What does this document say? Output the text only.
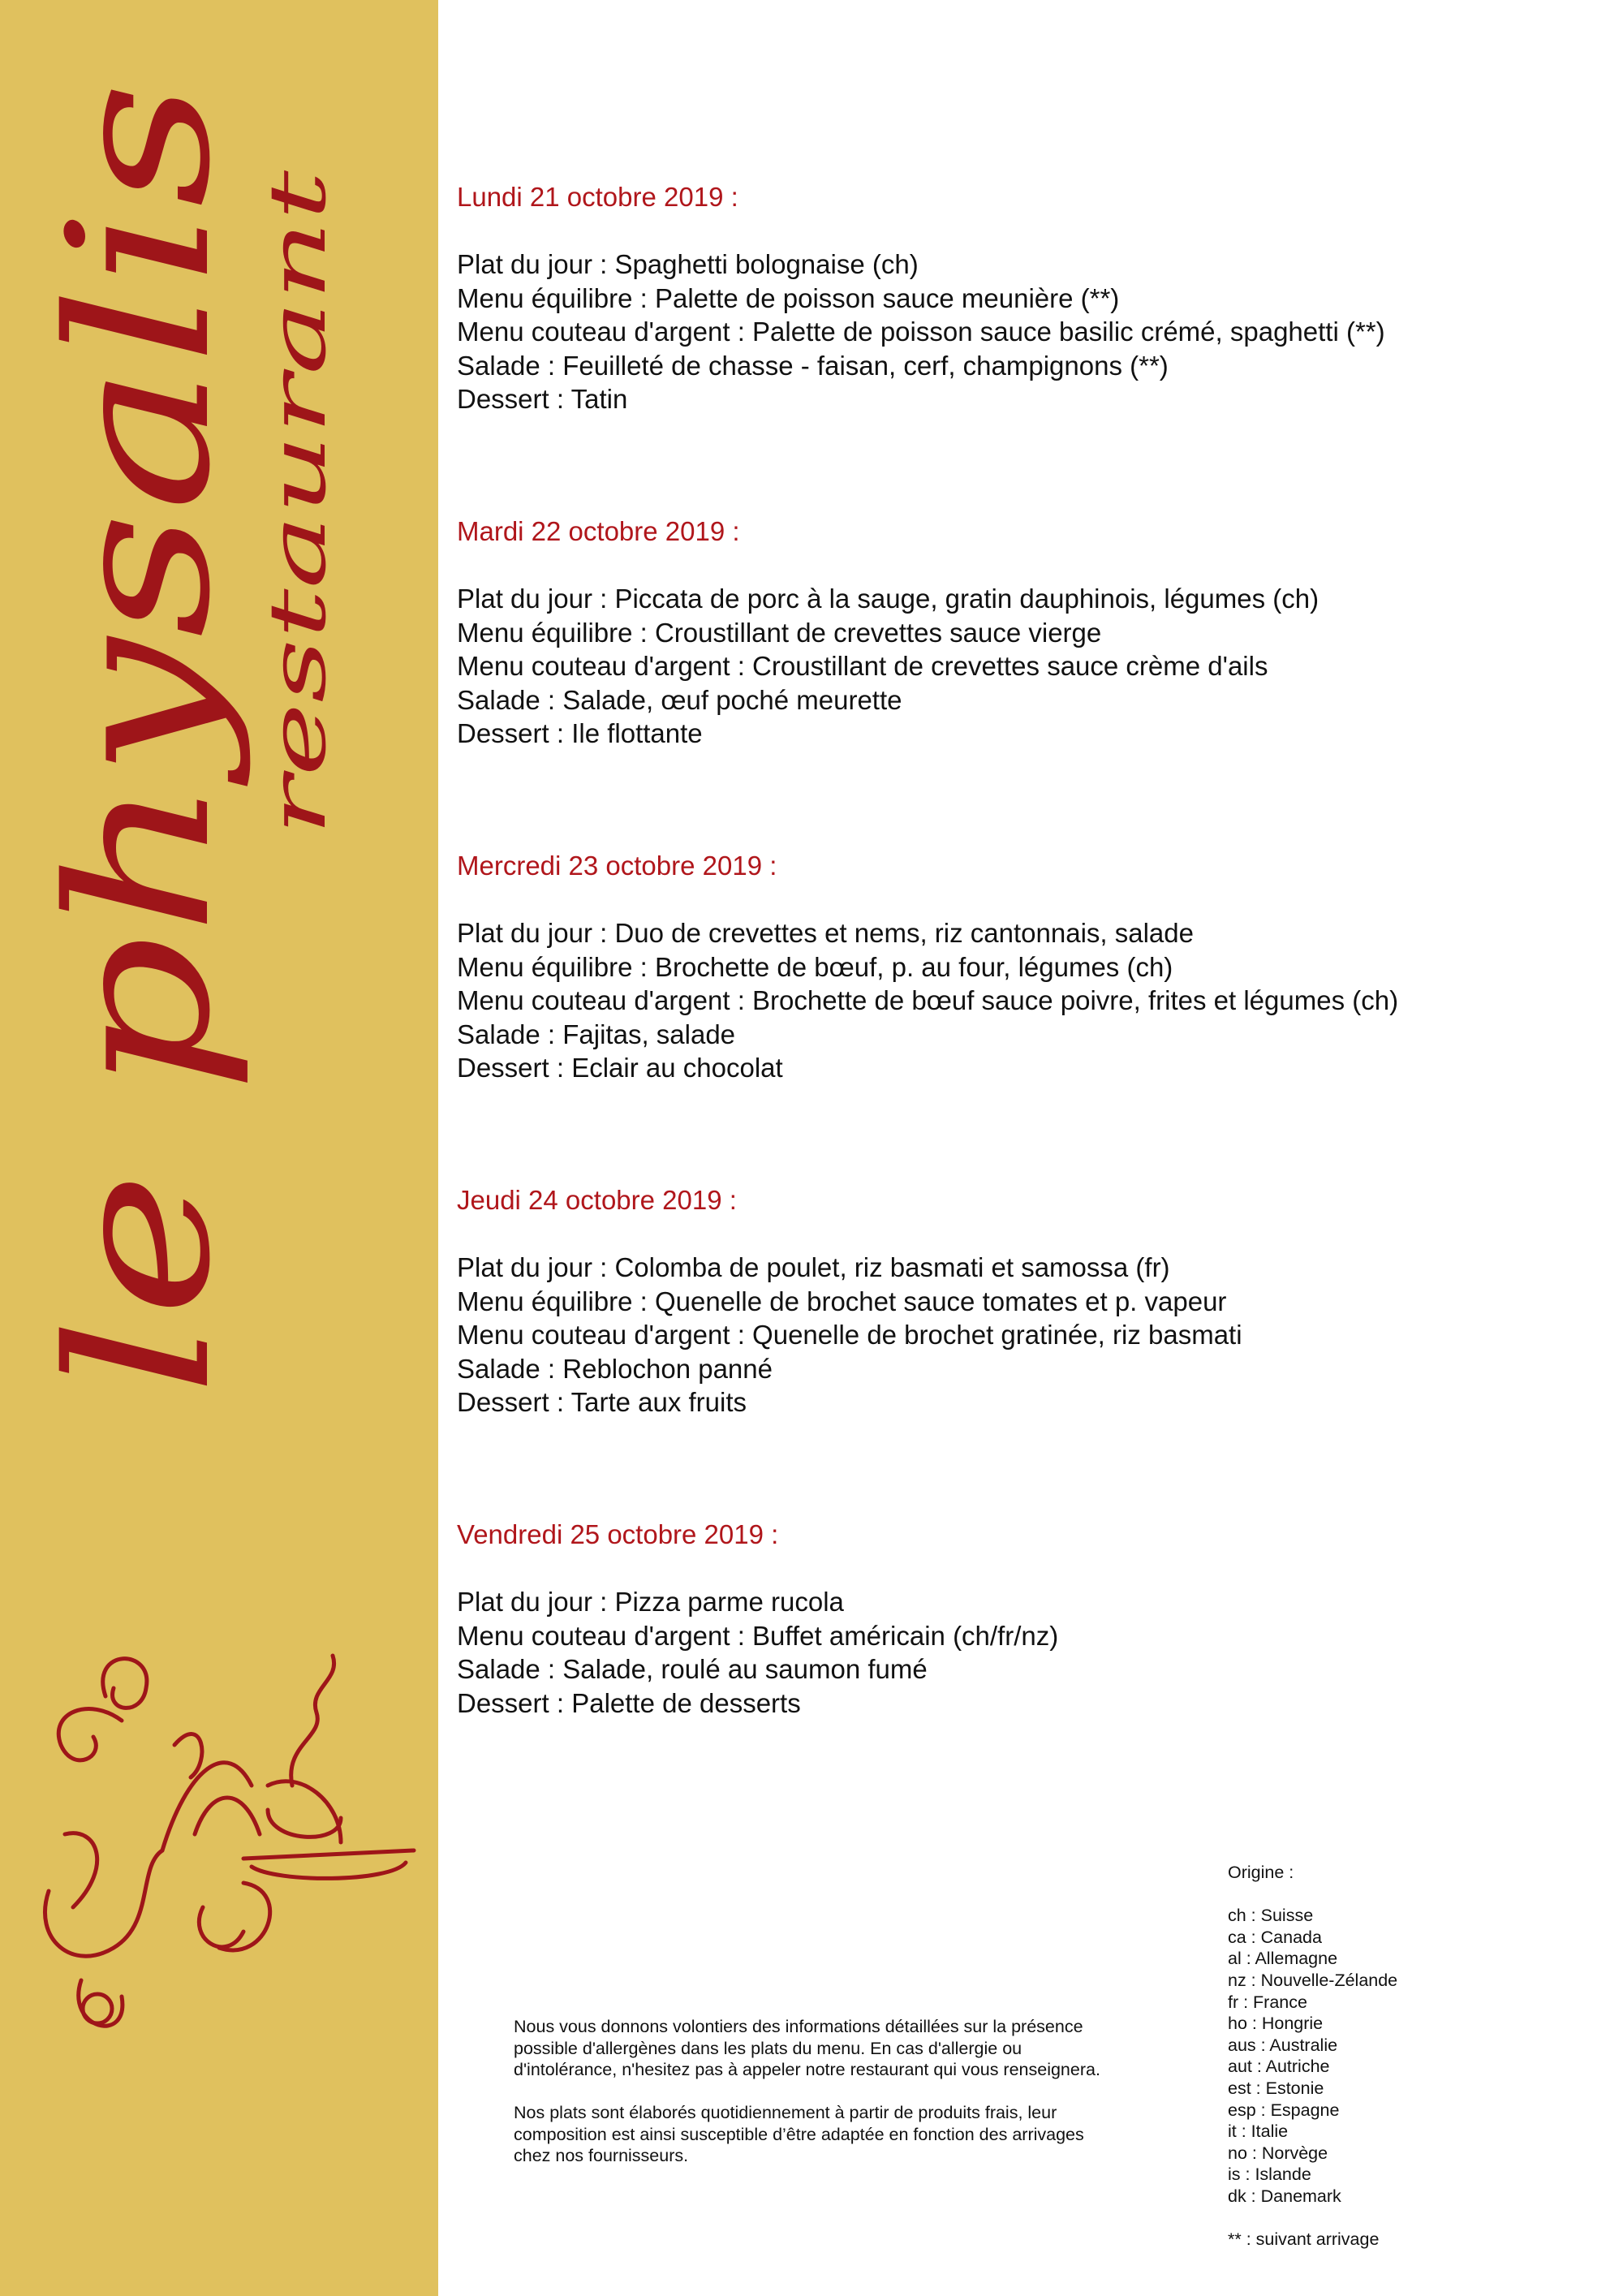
le physalis restaurant
Lundi 21 octobre 2019 :
Plat du jour : Spaghetti bolognaise (ch)
Menu équilibre : Palette de poisson sauce meunière (**)
Menu couteau d'argent : Palette de poisson sauce basilic crémé, spaghetti (**)
Salade : Feuilleté de chasse - faisan, cerf, champignons (**)
Dessert : Tatin
Mardi 22 octobre 2019 :
Plat du jour : Piccata de porc à la sauge, gratin dauphinois, légumes (ch)
Menu équilibre : Croustillant de crevettes sauce vierge
Menu couteau d'argent : Croustillant de crevettes sauce crème d'ails
Salade : Salade, œuf poché meurette
Dessert : Ile flottante
Mercredi 23 octobre 2019 :
Plat du jour : Duo de crevettes et nems, riz cantonnais, salade
Menu équilibre : Brochette de bœuf, p. au four, légumes (ch)
Menu couteau d'argent : Brochette de bœuf sauce poivre, frites et légumes (ch)
Salade : Fajitas, salade
Dessert : Eclair au chocolat
Jeudi 24 octobre 2019 :
Plat du jour : Colomba de poulet, riz basmati et samossa (fr)
Menu équilibre : Quenelle de brochet sauce tomates et p. vapeur
Menu couteau d'argent : Quenelle de brochet gratinée, riz basmati
Salade : Reblochon panné
Dessert : Tarte aux fruits
Vendredi 25 octobre 2019 :
Plat du jour : Pizza parme rucola
Menu couteau d'argent : Buffet américain (ch/fr/nz)
Salade : Salade, roulé au saumon fumé
Dessert : Palette de desserts

Nous vous donnons volontiers des informations détaillées sur la présence possible d'allergènes dans les plats du menu. En cas d'allergie ou d'intolérance, n'hesitez pas à appeler notre restaurant qui vous renseignera.

Nos plats sont élaborés quotidiennement à partir de produits frais, leur composition est ainsi susceptible d’être adaptée en fonction des arrivages chez nos fournisseurs.

Origine :
ch : Suisse
ca : Canada
al : Allemagne
nz : Nouvelle-Zélande
fr : France
ho : Hongrie
aus : Australie
aut : Autriche
est : Estonie
esp : Espagne
it : Italie
no : Norvège
is : Islande
dk : Danemark
** : suivant arrivage
